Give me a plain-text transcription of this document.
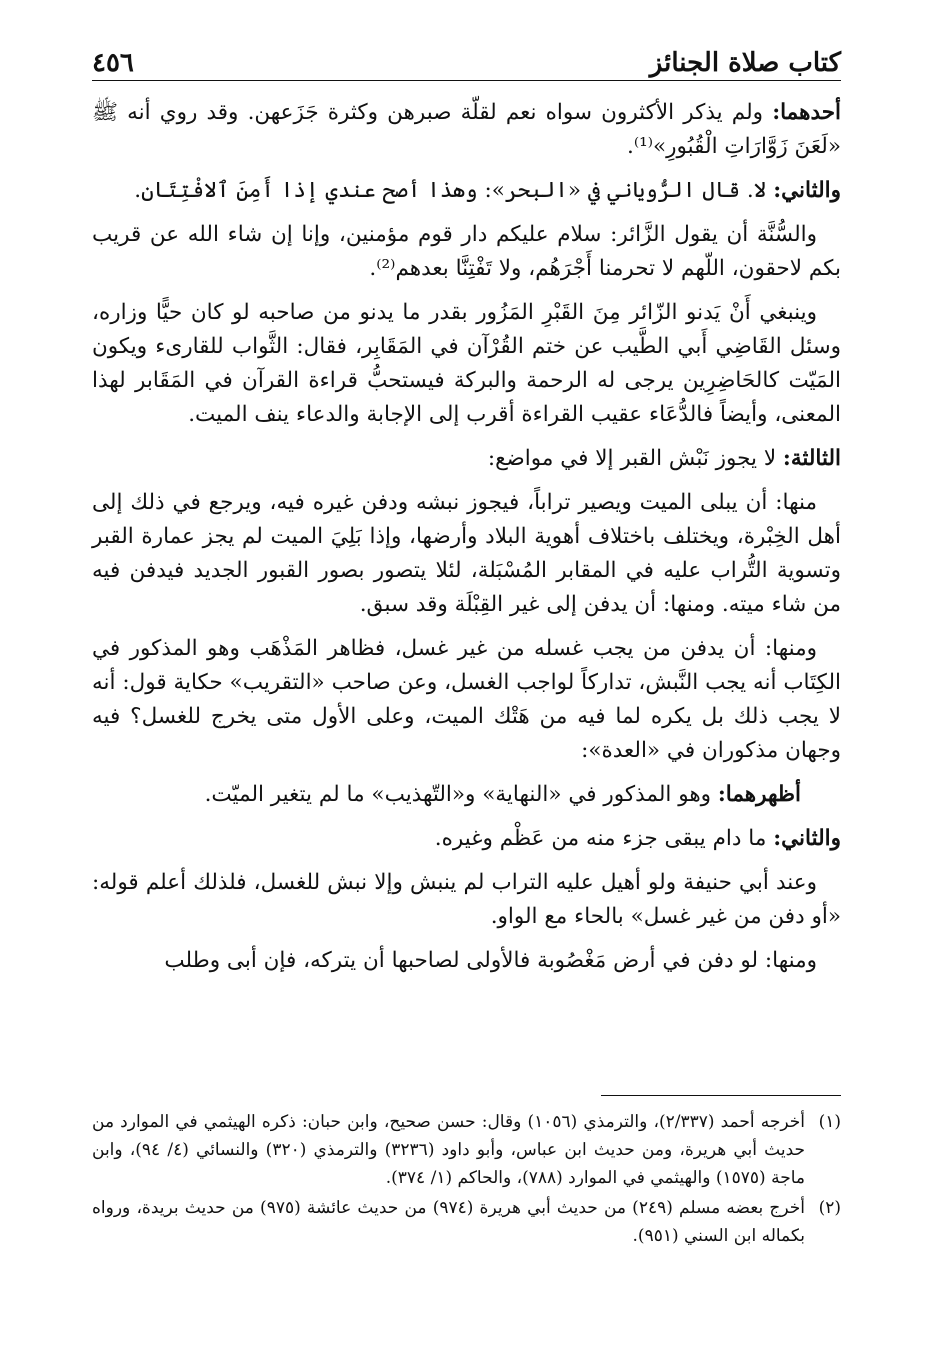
كتاب صلاة الجنائز
٤٥٦

أحدهما: ولم يذكر الأكثرون سواه نعم لقلّة صبرهن وكثرة جَزَعهن. وقد روي أنه ﷺ «لَعَنَ زَوَّارَاتِ الْقُبُورِ»⁽¹⁾.

والثاني: لا. قال الرُّوياني في «البحر»: وهذا أصح عندي إذا أَمِنَ ٱلافْتِتَان.

والسُّنَّة أن يقول الزَّائر: سلام عليكم دار قوم مؤمنين، وإنا إن شاء الله عن قريب بكم لاحقون، اللّهم لا تحرمنا أَجْرَهُم، ولا تَفْتِنَّا بعدهم⁽²⁾.

وينبغي أَنْ يَدنو الزّائر مِنَ القَبْرِ المَزُور بقدر ما يدنو من صاحبه لو كان حيًّا وزاره، وسئل القَاضِي أَبي الطَّيب عن ختم القُرْآن في المَقَابِر، فقال: الثَّواب للقارىء ويكون المَيّت كالحَاضِرِين يرجى له الرحمة والبركة فيستحبُّ قراءة القرآن في المَقَابر لهذا المعنى، وأيضاً فالدُّعَاء عقيب القراءة أقرب إلى الإجابة والدعاء ينف الميت.

الثالثة: لا يجوز نَبْش القبر إلا في مواضع:

منها: أن يبلى الميت ويصير تراباً، فيجوز نبشه ودفن غيره فيه، ويرجع في ذلك إلى أهل الخِبْرة، ويختلف باختلاف أهوية البلاد وأرضها، وإذا بَلِيَ الميت لم يجز عمارة القبر وتسوية التُّراب عليه في المقابر المُسْبَلة، لئلا يتصور بصور القبور الجديد فيدفن فيه من شاء ميته. ومنها: أن يدفن إلى غير القِبْلَة وقد سبق.

ومنها: أن يدفن من يجب غسله من غير غسل، فظاهر المَذْهَب وهو المذكور في الكِتَاب أنه يجب النَّبش، تداركاً لواجب الغسل، وعن صاحب «التقريب» حكاية قول: أنه لا يجب ذلك بل يكره لما فيه من هَتْك الميت، وعلى الأول متى يخرج للغسل؟ فيه وجهان مذكوران في «العدة»:

أظهرهما: وهو المذكور في «النهاية» و«التّهذيب» ما لم يتغير الميّت.

والثاني: ما دام يبقى جزء منه من عَظْم وغيره.

وعند أبي حنيفة ولو أهيل عليه التراب لم ينبش وإلا نبش للغسل، فلذلك أعلم قوله: «أو دفن من غير غسل» بالحاء مع الواو.

ومنها: لو دفن في أرض مَغْصُوبة فالأولى لصاحبها أن يتركه، فإن أبى وطلب

(١)
أخرجه أحمد (٢/٣٣٧)، والترمذي (١٠٥٦) وقال: حسن صحيح، وابن حبان: ذكره الهيثمي في الموارد من حديث أبي هريرة، ومن حديث ابن عباس، وأبو داود (٣٢٣٦) والترمذي (٣٢٠) والنسائي (٤/ ٩٤)، وابن ماجة (١٥٧٥) والهيثمي في الموارد (٧٨٨)، والحاكم (١/ ٣٧٤).
(٢)
أخرج بعضه مسلم (٢٤٩) من حديث أبي هريرة (٩٧٤) من حديث عائشة (٩٧٥) من حديث بريدة، ورواه بكماله ابن السني (٩٥١).
